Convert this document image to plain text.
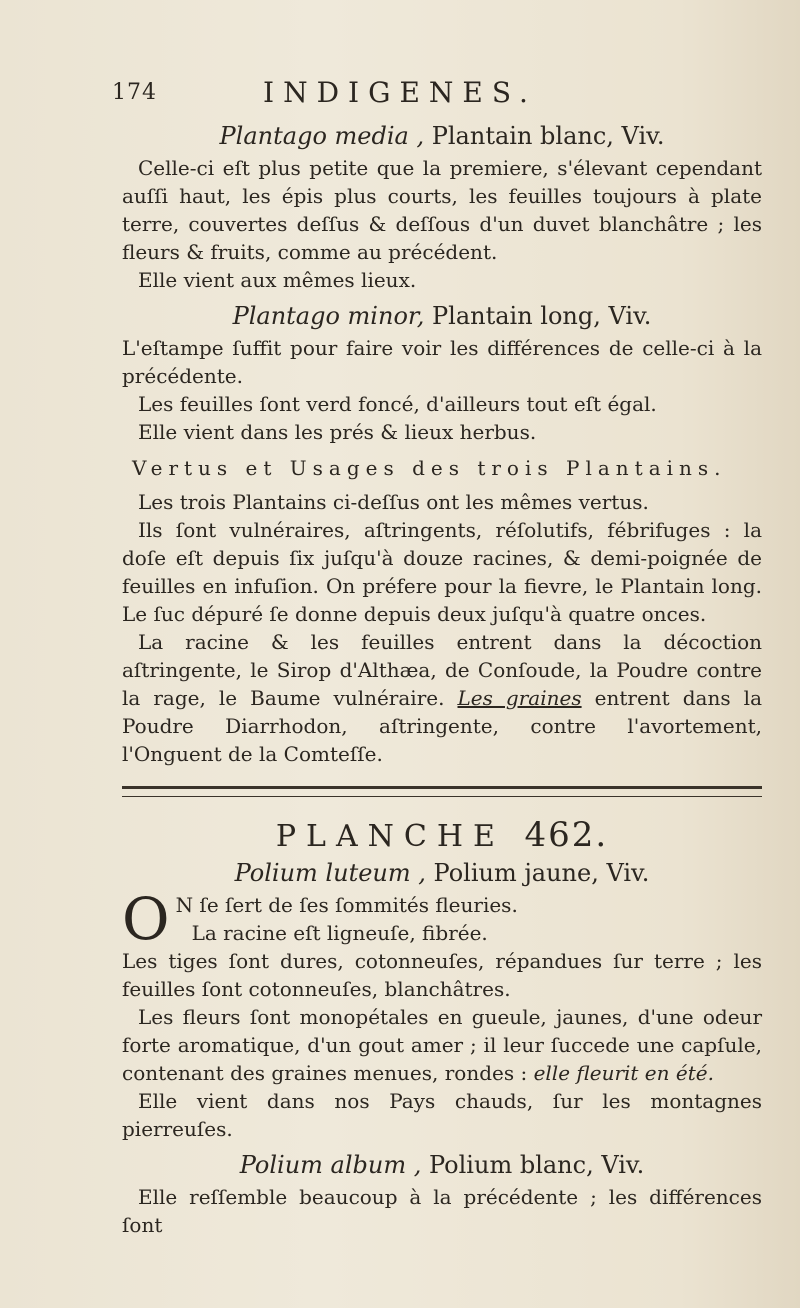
174	INDIGENES.
Plantago media , Plantain blanc, Viv.

Celle-ci eſt plus petite que la premiere, s'élevant cependant auſſi haut, les épis plus courts, les feuilles toujours à plate terre, couvertes deſſus & deſſous d'un duvet blanchâtre ; les fleurs & fruits, comme au précédent.

Elle vient aux mêmes lieux.

Plantago minor, Plantain long, Viv.

L'eſtampe ſuffit pour faire voir les différences de celle-ci à la précédente.

Les feuilles ſont verd foncé, d'ailleurs tout eſt égal.

Elle vient dans les prés & lieux herbus.

Vertus et Usages des trois Plantains.

Les trois Plantains ci-deſſus ont les mêmes vertus.

Ils ſont vulnéraires, aſtringents, réſolutifs, fébrifuges : la doſe eſt depuis ſix juſqu'à douze racines, & demi-poignée de feuilles en infuſion. On préfere pour la fievre, le Plantain long. Le ſuc dépuré ſe donne depuis deux juſqu'à quatre onces.

La racine & les feuilles entrent dans la décoction aſtringente, le Sirop d'Althæa, de Conſoude, la Poudre contre la rage, le Baume vulnéraire. Les graines entrent dans la Poudre Diarrhodon, aſtringente, contre l'avortement, l'Onguent de la Comteſſe.

PLANCHE 462.
Polium luteum , Polium jaune, Viv.

O N ſe ſert de ſes ſommités fleuries.

La racine eſt ligneuſe, fibrée.

Les tiges ſont dures, cotonneuſes, répandues ſur terre ; les feuilles ſont cotonneuſes, blanchâtres.

Les fleurs ſont monopétales en gueule, jaunes, d'une odeur forte aromatique, d'un gout amer ; il leur ſuccede une capſule, contenant des graines menues, rondes : elle fleurit en été.

Elle vient dans nos Pays chauds, ſur les montagnes pierreuſes.

Polium album , Polium blanc, Viv.

Elle reſſemble beaucoup à la précédente ; les différences ſont
